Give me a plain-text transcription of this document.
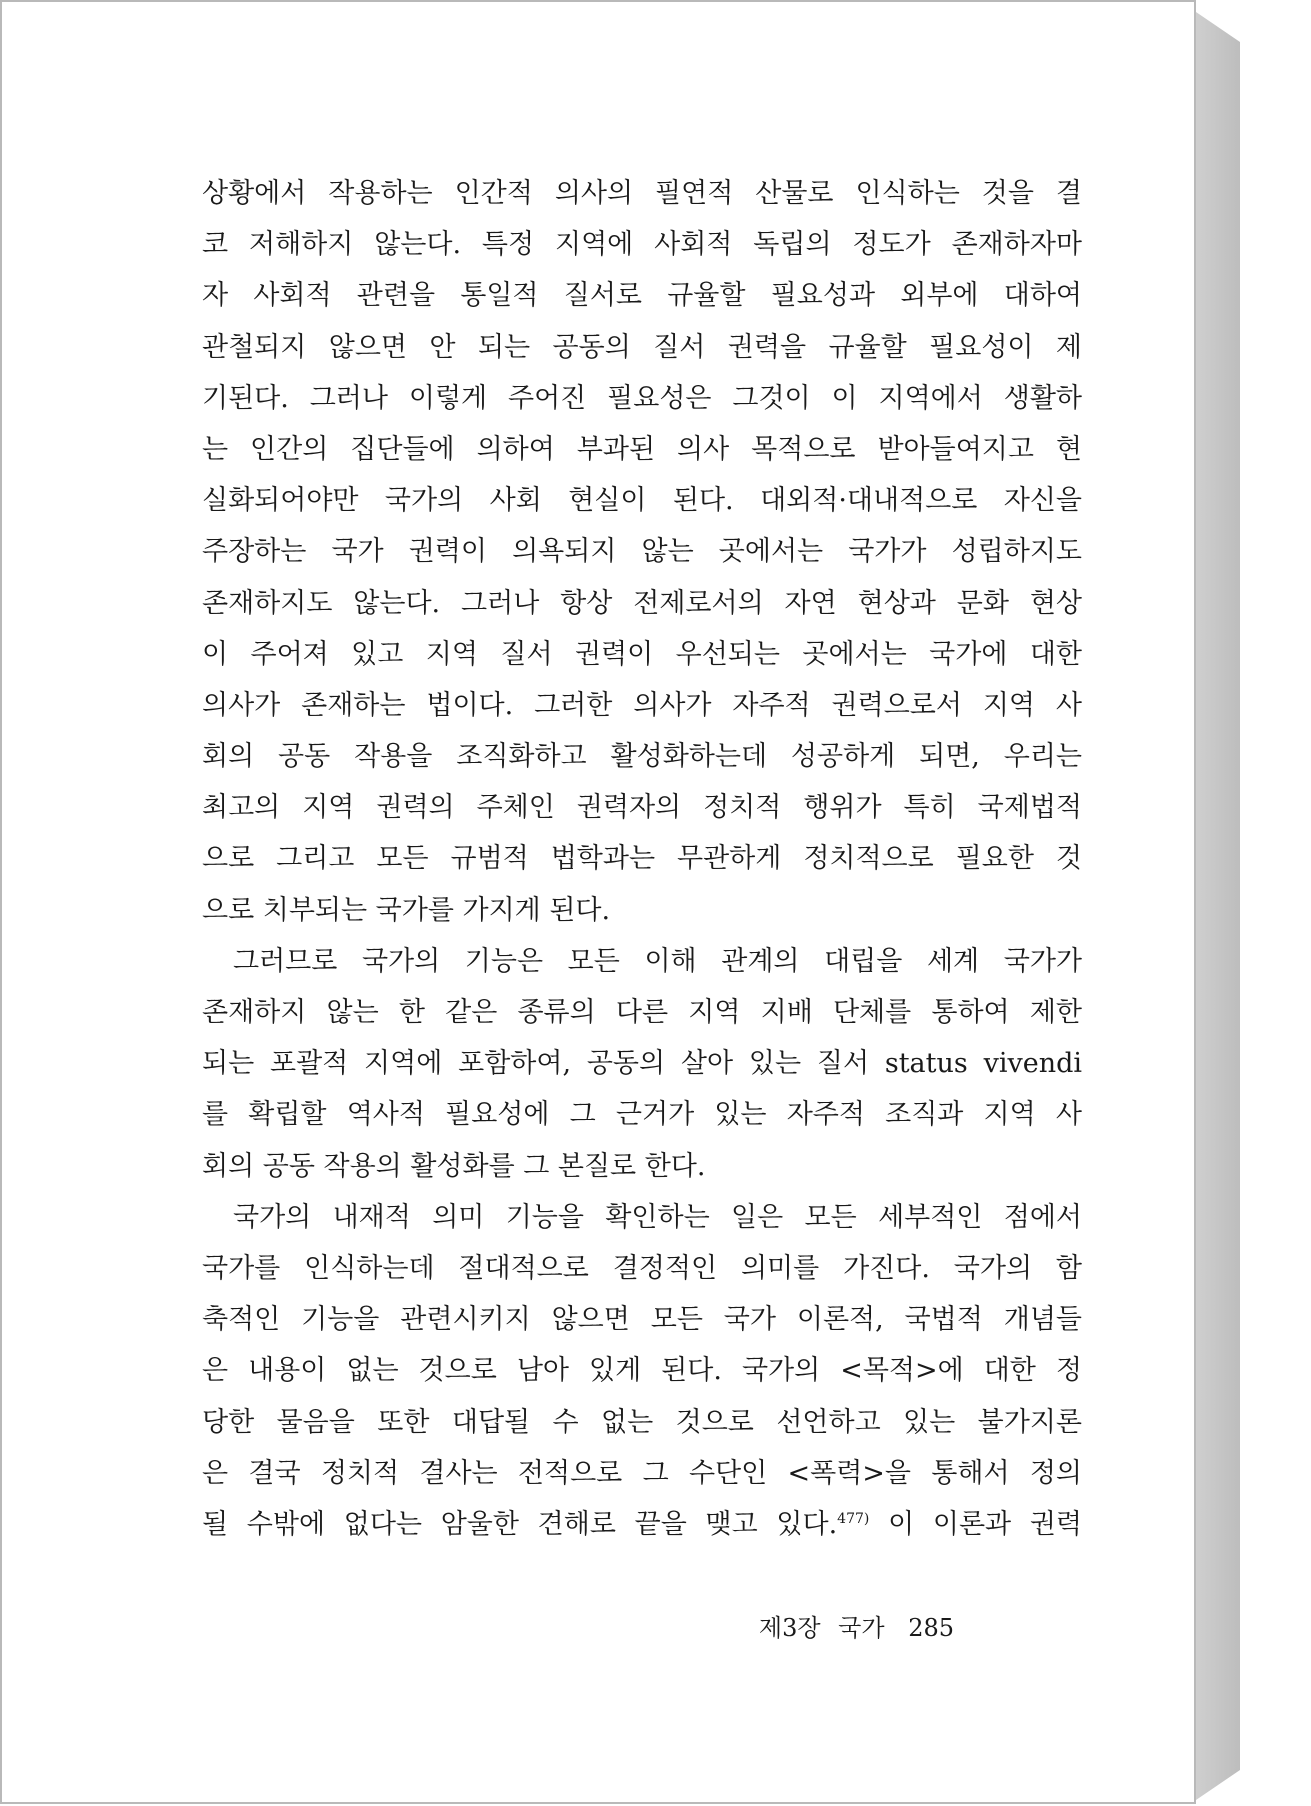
상황에서 작용하는 인간적 의사의 필연적 산물로 인식하는 것을 결
코 저해하지 않는다. 특정 지역에 사회적 독립의 정도가 존재하자마
자 사회적 관련을 통일적 질서로 규율할 필요성과 외부에 대하여
관철되지 않으면 안 되는 공동의 질서 권력을 규율할 필요성이 제
기된다. 그러나 이렇게 주어진 필요성은 그것이 이 지역에서 생활하
는 인간의 집단들에 의하여 부과된 의사 목적으로 받아들여지고 현
실화되어야만 국가의 사회 현실이 된다. 대외적·대내적으로 자신을
주장하는 국가 권력이 의욕되지 않는 곳에서는 국가가 성립하지도
존재하지도 않는다. 그러나 항상 전제로서의 자연 현상과 문화 현상
이 주어져 있고 지역 질서 권력이 우선되는 곳에서는 국가에 대한
의사가 존재하는 법이다. 그러한 의사가 자주적 권력으로서 지역 사
회의 공동 작용을 조직화하고 활성화하는데 성공하게 되면, 우리는
최고의 지역 권력의 주체인 권력자의 정치적 행위가 특히 국제법적
으로 그리고 모든 규범적 법학과는 무관하게 정치적으로 필요한 것
으로 치부되는 국가를 가지게 된다.

그러므로 국가의 기능은 모든 이해 관계의 대립을 세계 국가가
존재하지 않는 한 같은 종류의 다른 지역 지배 단체를 통하여 제한
되는 포괄적 지역에 포함하여, 공동의 살아 있는 질서 status vivendi
를 확립할 역사적 필요성에 그 근거가 있는 자주적 조직과 지역 사
회의 공동 작용의 활성화를 그 본질로 한다.

국가의 내재적 의미 기능을 확인하는 일은 모든 세부적인 점에서
국가를 인식하는데 절대적으로 결정적인 의미를 가진다. 국가의 함
축적인 기능을 관련시키지 않으면 모든 국가 이론적, 국법적 개념들
은 내용이 없는 것으로 남아 있게 된다. 국가의 <목적>에 대한 정
당한 물음을 또한 대답될 수 없는 것으로 선언하고 있는 불가지론
은 결국 정치적 결사는 전적으로 그 수단인 <폭력>을 통해서 정의
될 수밖에 없다는 암울한 견해로 끝을 맺고 있다.$^{477)}$ 이 이론과 권력

제3장 국가 285
